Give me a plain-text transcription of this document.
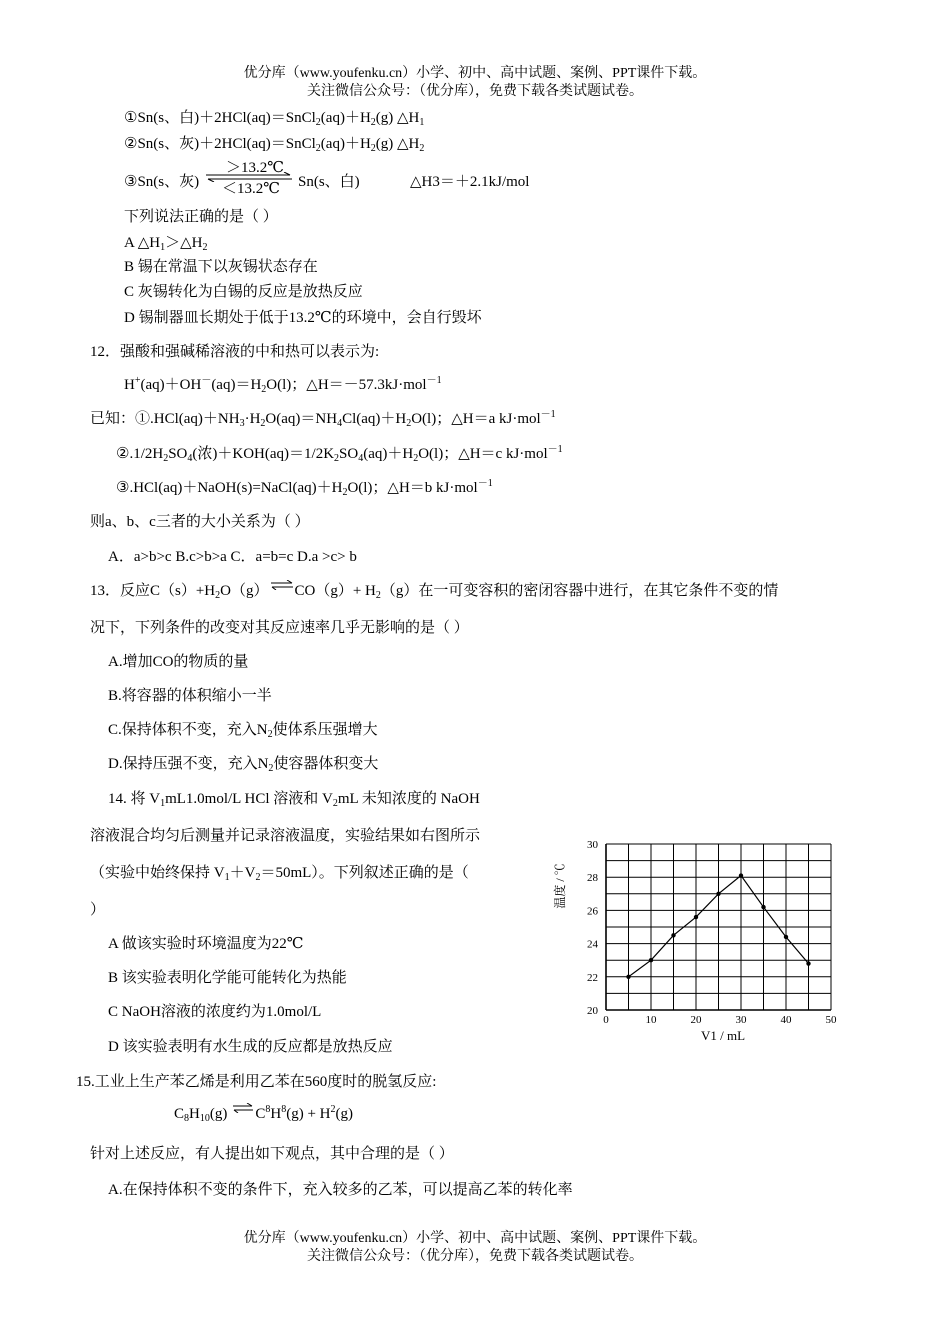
优分库（www.youfenku.cn）小学、初中、高中试题、案例、PPT课件下载。
关注微信公众号：（优分库），免费下载各类试题试卷。
①Sn(s、白)$+2HCl(aq)=SnCl_2(aq)+H_2(g)$ $\triangle H_1$
②Sn(s、灰)$+2HCl(aq)=SnCl_2(aq)+H_2(g)$ $\triangle H_2$
③Sn(s、灰)
＞13.2℃
＜13.2℃ Sn(s、白)	△H3＝＋2.1kJ/mol
下列说法正确的是（ ）
A $\triangle H_1>\triangle H_2$
B 锡在常温下以灰锡状态存在
C 灰锡转化为白锡的反应是放热反应
D 锡制器皿长期处于低于13.2℃的环境中，会自行毁坏
12．强酸和强碱稀溶液的中和热可以表示为:
$H^+(aq)+OH^-(aq)=H_2O(l)$；△H＝－57.3kJ·mol$^{-1}$
已知：$①.HCl(aq)+NH_3\cdot H_2O(aq)=NH_4Cl(aq)+H_2O(l)$；△H＝a kJ·mol$^{-1}$
$②.1/2H_2SO_4$(浓)$+KOH(aq)=1/2K_2SO_4(aq)+H_2O(l)$；△H＝c kJ·mol$^{-1}$
$③.HCl(aq)+NaOH(s)=NaCl(aq)+H_2O(l)$；△H＝b kJ·mol$^{-1}$
则a、b、c三者的大小关系为（ ）
A．a>b>c B.c>b>a C．a=b=c D.a >c> b
13．反应$C(s)+H_2O(g)$ $CO(g)+ H_2(g)$在一可变容积的密闭容器中进行，在其它条件不变的情
况下，下列条件的改变对其反应速率几乎无影响的是（ ）
A.增加CO的物质的量
B.将容器的体积缩小一半
C.保持体积不变，充入$N_2$使体系压强增大
D.保持压强不变，充入$N_2$使容器体积变大
14. 将 $V_1mL1.0mol/L$ HCl 溶液和 $V_2mL$ 未知浓度的 NaOH
溶液混合均匀后测量并记录溶液温度，实验结果如右图所示
（实验中始终保持 $V_1+V_2=50mL$）。下列叙述正确的是（
）
A 做该实验时环境温度为22℃
B 该实验表明化学能可能转化为热能
C NaOH溶液的浓度约为1.0mol/L
D 该实验表明有水生成的反应都是放热反应
0	10	20	30	40	50
20
22
24
26
28
30
温度 / ℃
V1 / mL
15.工业上生产苯乙烯是利用乙苯在560度时的脱氢反应:
$C_8H_{10}(g) C^8H^8(g) + H^2(g)$
针对上述反应，有人提出如下观点，其中合理的是（ ）
A.在保持体积不变的条件下，充入较多的乙苯，可以提高乙苯的转化率
优分库（www.youfenku.cn）小学、初中、高中试题、案例、PPT课件下载。
关注微信公众号：（优分库），免费下载各类试题试卷。
